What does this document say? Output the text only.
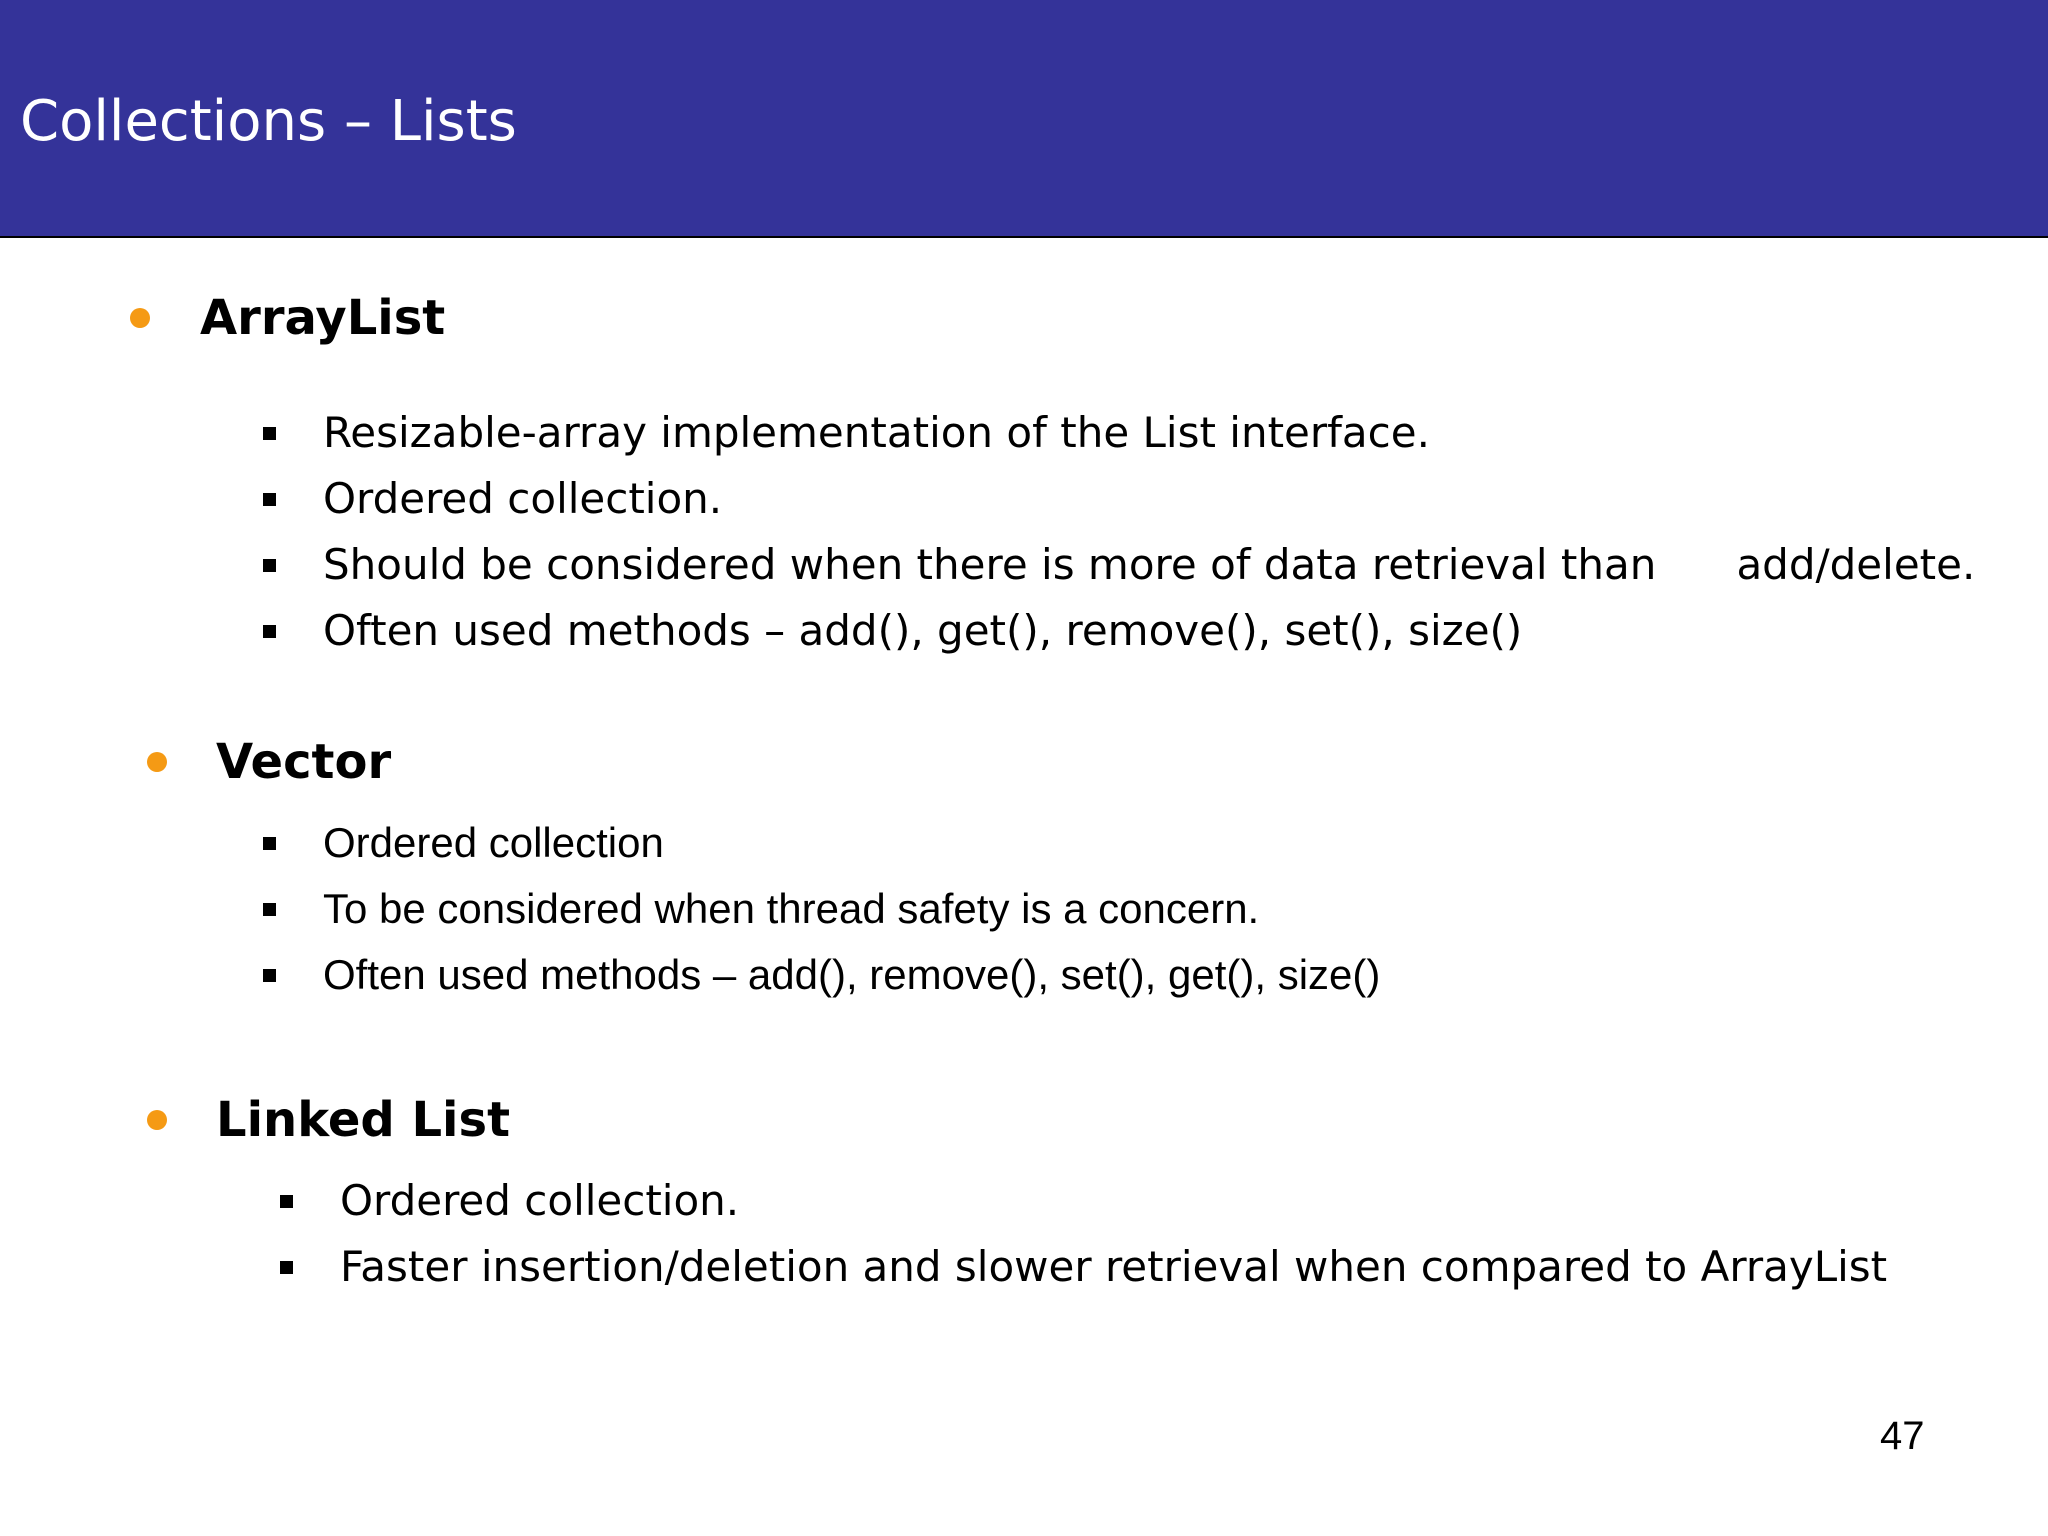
Collections – Lists
ArrayList
Resizable-array implementation of the List interface.
Ordered collection.
Should be considered when there is more of data retrieval than      add/delete.
Often used methods – add(), get(), remove(), set(), size()
Vector
Ordered collection
To be considered when thread safety is a concern.
Often used methods – add(), remove(), set(), get(), size()
Linked List
Ordered collection.
Faster insertion/deletion and slower retrieval when compared to ArrayList
47
